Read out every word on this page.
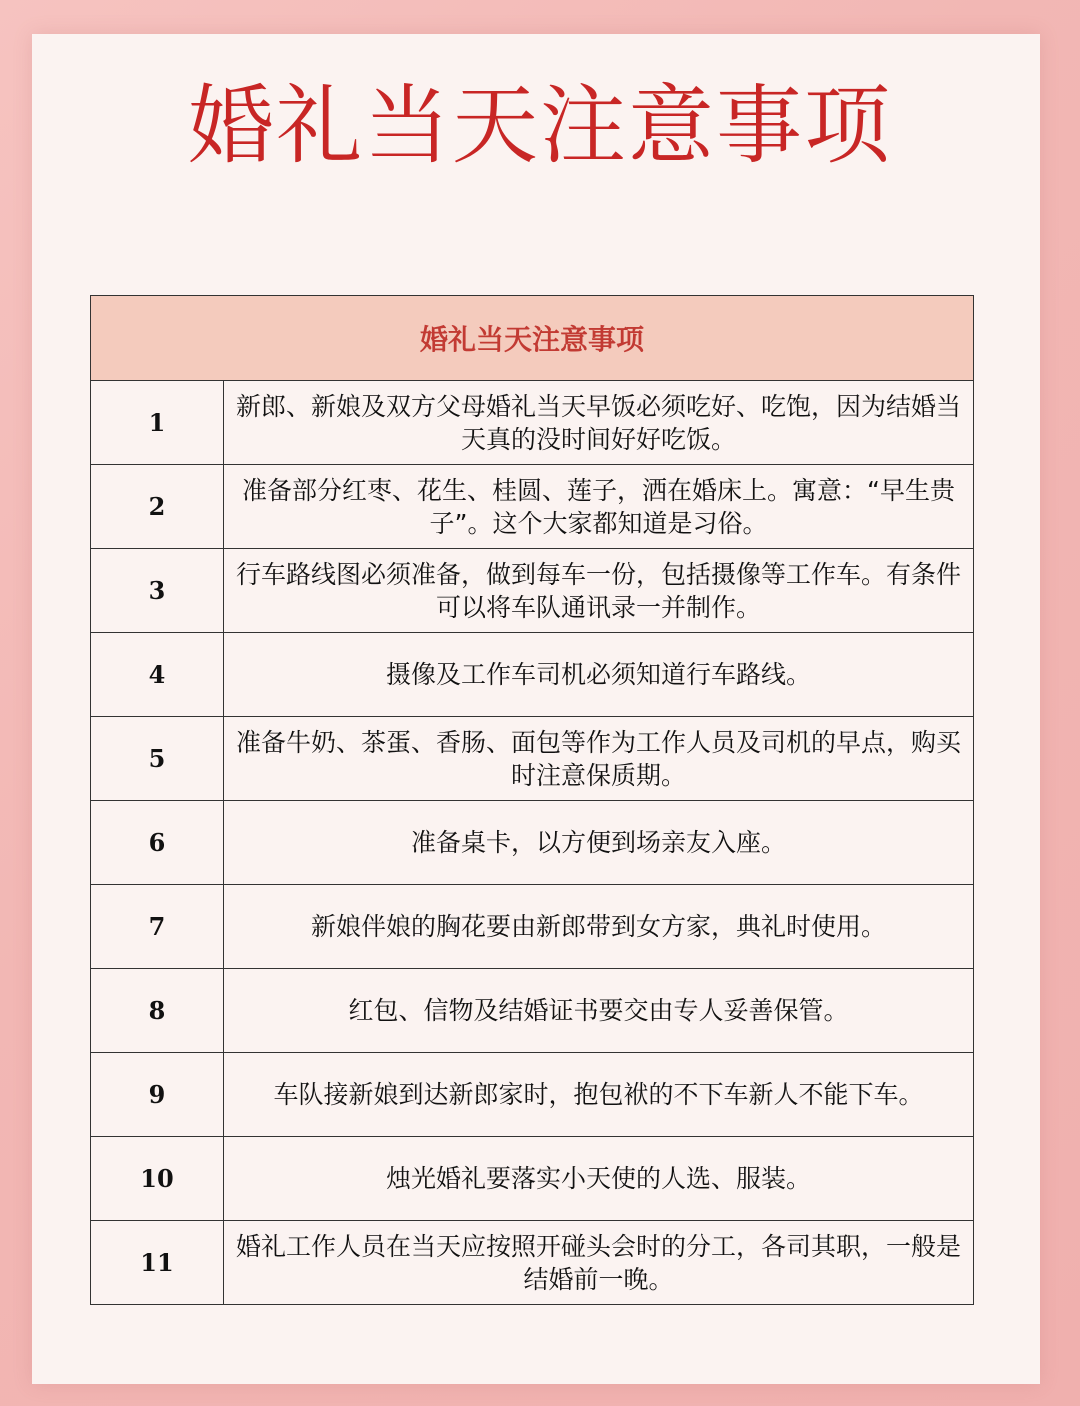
婚礼当天注意事项
婚礼当天注意事项	
1	新郎、新娘及双方父母婚礼当天早饭必须吃好、吃饱，因为结婚当天真的没时间好好吃饭。
2	准备部分红枣、花生、桂圆、莲子，洒在婚床上。寓意：“早生贵子”。这个大家都知道是习俗。
3	行车路线图必须准备，做到每车一份，包括摄像等工作车。有条件可以将车队通讯录一并制作。
4	摄像及工作车司机必须知道行车路线。
5	准备牛奶、茶蛋、香肠、面包等作为工作人员及司机的早点，购买时注意保质期。
6	准备桌卡，以方便到场亲友入座。
7	新娘伴娘的胸花要由新郎带到女方家，典礼时使用。
8	红包、信物及结婚证书要交由专人妥善保管。
9	车队接新娘到达新郎家时，抱包袱的不下车新人不能下车。
10	烛光婚礼要落实小天使的人选、服装。
11	婚礼工作人员在当天应按照开碰头会时的分工，各司其职，一般是结婚前一晚。
